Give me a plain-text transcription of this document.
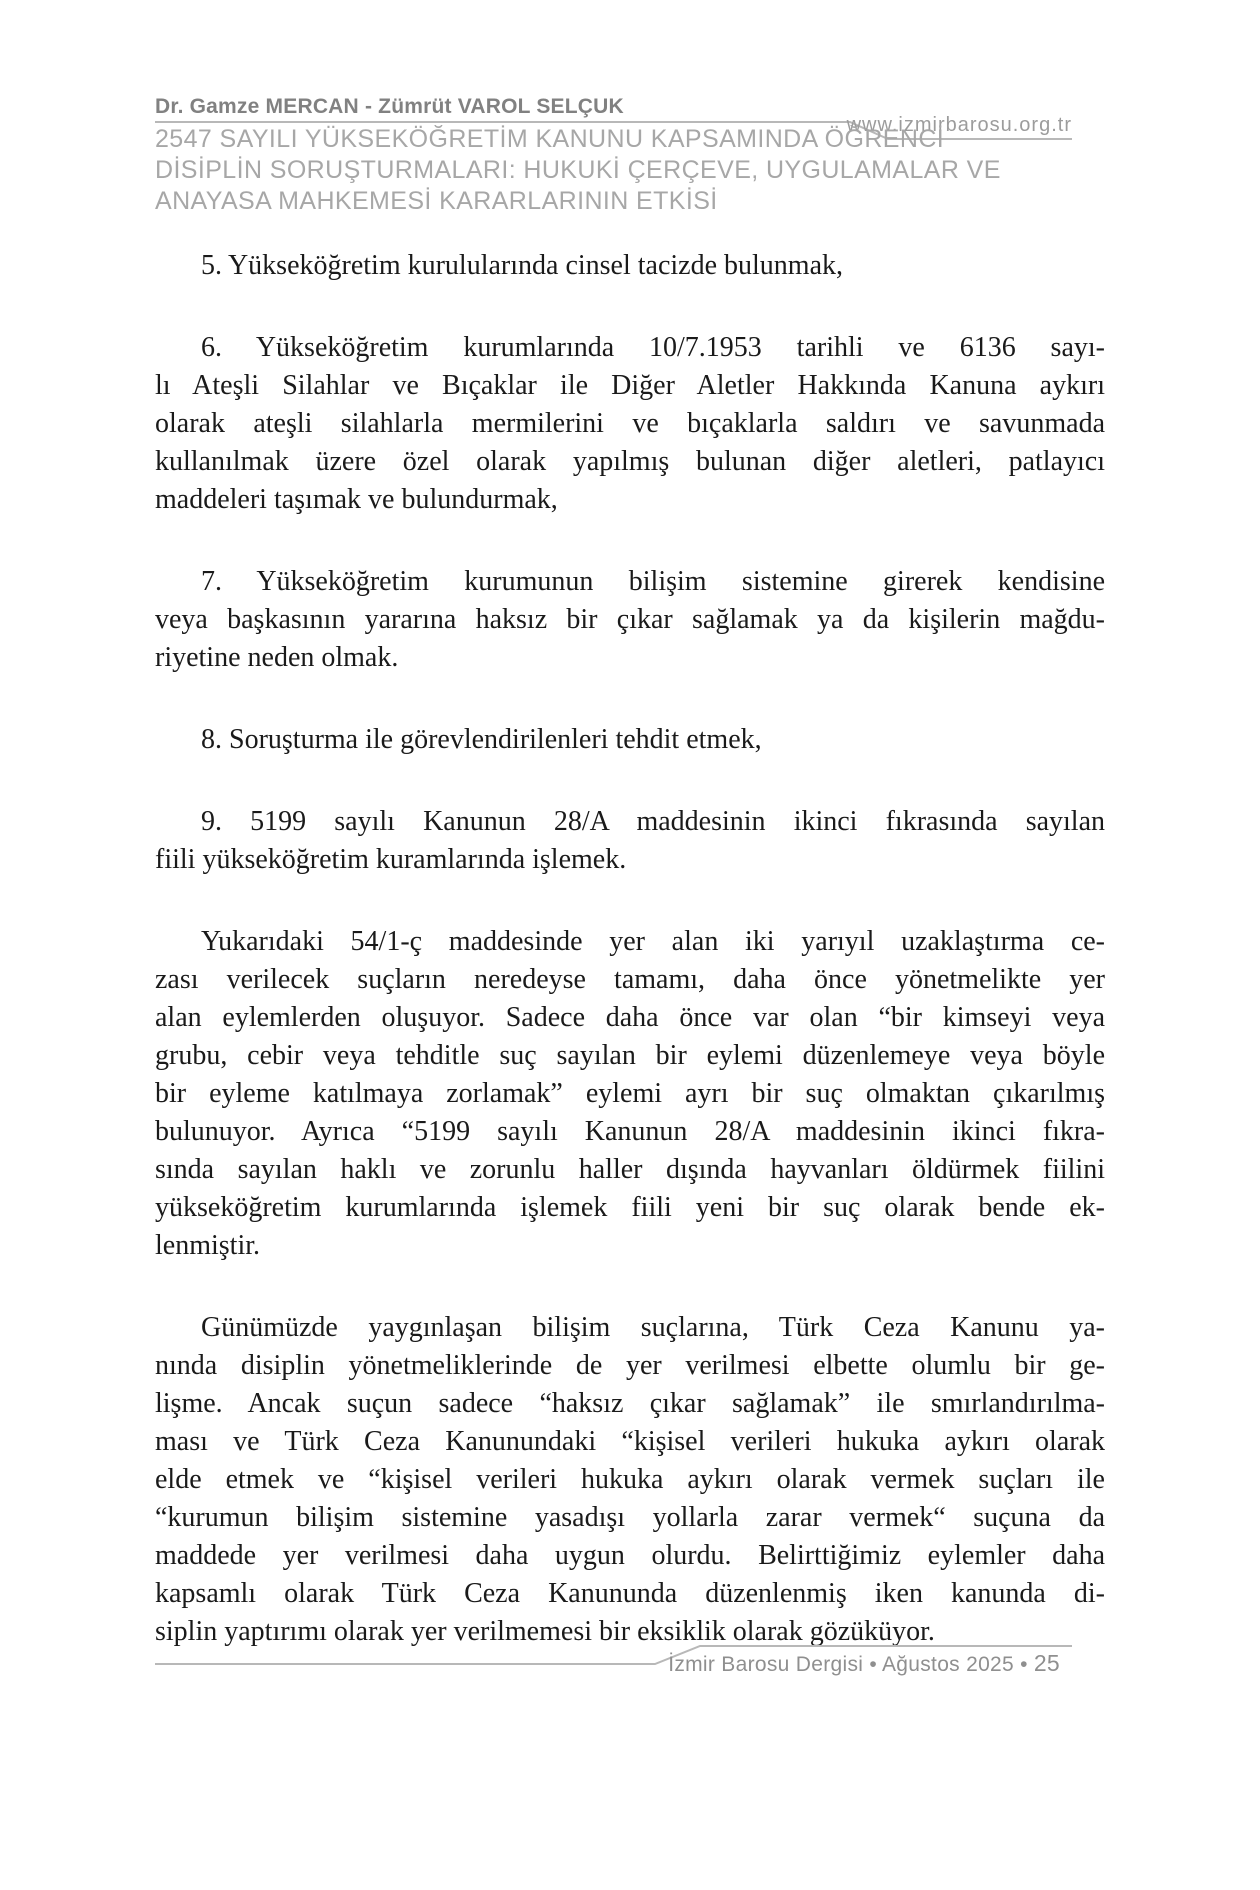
Dr. Gamze MERCAN - Zümrüt VAROL SELÇUK
www.izmirbarosu.org.tr
2547 SAYILI YÜKSEKÖĞRETİM KANUNU KAPSAMINDA ÖĞRENCİ
DİSİPLİN SORUŞTURMALARI: HUKUKİ ÇERÇEVE, UYGULAMALAR VE
ANAYASA MAHKEMESİ KARARLARININ ETKİSİ
5. Yükseköğretim kurulularında cinsel tacizde bulunmak,
6. Yükseköğretim kurumlarında 10/7.1953 tarihli ve 6136 sayı-
lı Ateşli Silahlar ve Bıçaklar ile Diğer Aletler Hakkında Kanuna aykırı
olarak ateşli silahlarla mermilerini ve bıçaklarla saldırı ve savunmada
kullanılmak üzere özel olarak yapılmış bulunan diğer aletleri, patlayıcı
maddeleri taşımak ve bulundurmak,
7. Yükseköğretim kurumunun bilişim sistemine girerek kendisine
veya başkasının yararına haksız bir çıkar sağlamak ya da kişilerin mağdu-
riyetine neden olmak.
8. Soruşturma ile görevlendirilenleri tehdit etmek,
9. 5199 sayılı Kanunun 28/A maddesinin ikinci fıkrasında sayılan
fiili yükseköğretim kuramlarında işlemek.
Yukarıdaki 54/1-ç maddesinde yer alan iki yarıyıl uzaklaştırma ce-
zası verilecek suçların neredeyse tamamı, daha önce yönetmelikte yer
alan eylemlerden oluşuyor. Sadece daha önce var olan “bir kimseyi veya
grubu, cebir veya tehditle suç sayılan bir eylemi düzenlemeye veya böyle
bir eyleme katılmaya zorlamak” eylemi ayrı bir suç olmaktan çıkarılmış
bulunuyor. Ayrıca “5199 sayılı Kanunun 28/A maddesinin ikinci fıkra-
sında sayılan haklı ve zorunlu haller dışında hayvanları öldürmek fiilini
yükseköğretim kurumlarında işlemek fiili yeni bir suç olarak bende ek-
lenmiştir.
Günümüzde yaygınlaşan bilişim suçlarına, Türk Ceza Kanunu ya-
nında disiplin yönetmeliklerinde de yer verilmesi elbette olumlu bir ge-
lişme. Ancak suçun sadece “haksız çıkar sağlamak” ile smırlandırılma-
ması ve Türk Ceza Kanunundaki “kişisel verileri hukuka aykırı olarak
elde etmek ve “kişisel verileri hukuka aykırı olarak vermek suçları ile
“kurumun bilişim sistemine yasadışı yollarla zarar vermek“ suçuna da
maddede yer verilmesi daha uygun olurdu. Belirttiğimiz eylemler daha
kapsamlı olarak Türk Ceza Kanununda düzenlenmiş iken kanunda di-
siplin yaptırımı olarak yer verilmemesi bir eksiklik olarak gözüküyor.
İzmir Barosu Dergisi • Ağustos 2025 • 25
